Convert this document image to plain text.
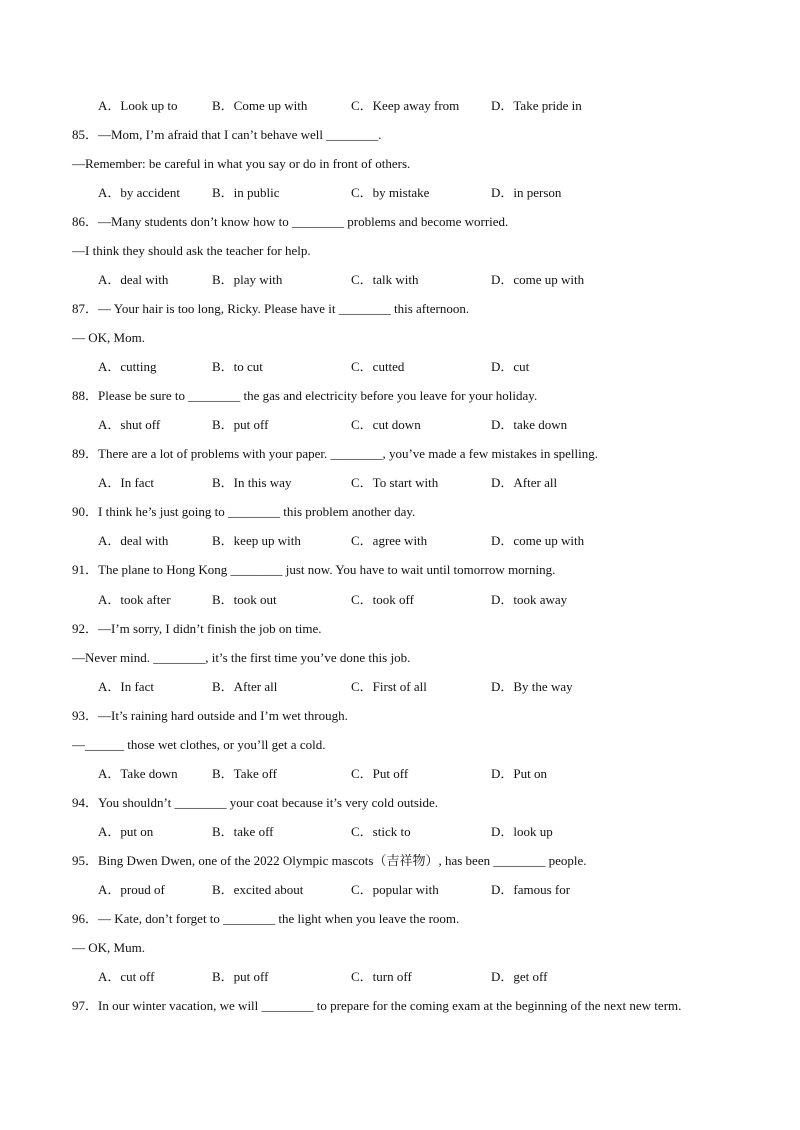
A．Look up to	B．Come up with	C．Keep away from D．Take pride in
85．—Mom, I’m afraid that I can’t behave well ________.
—Remember: be careful in what you say or do in front of others.
A．by accident B．in public	C．by mistake	D．in person
86．—Many students don’t know how to ________ problems and become worried.
—I think they should ask the teacher for help.
A．deal with	B．play with	C．talk with	D．come up with
87．— Your hair is too long, Ricky. Please have it ________ this afternoon.
— OK, Mom.
A．cutting	B．to cut	C．cutted	D．cut
88．Please be sure to ________ the gas and electricity before you leave for your holiday.
A．shut off	B．put off	C．cut down	D．take down
89．There are a lot of problems with your paper. ________, you’ve made a few mistakes in spelling.
A．In fact	B．In this way	C．To start with	D．After all
90．I think he’s just going to ________ this problem another day.
A．deal with	B．keep up with	C．agree with	D．come up with
91．The plane to Hong Kong ________ just now. You have to wait until tomorrow morning.
A．took after	B．took out	C．took off	D．took away
92．—I’m sorry, I didn’t finish the job on time.
—Never mind. ________, it’s the first time you’ve done this job.
A．In fact	B．After all	C．First of all	D．By the way
93．—It’s raining hard outside and I’m wet through.
—______ those wet clothes, or you’ll get a cold.
A．Take down	B．Take off	C．Put off	D．Put on
94．You shouldn’t ________ your coat because it’s very cold outside.
A．put on	B．take off	C．stick to	D．look up
95．Bing Dwen Dwen, one of the 2022 Olympic mascots（吉祥物）, has been ________ people.
A．proud of	B．excited about	C．popular with	D．famous for
96．— Kate, don’t forget to ________ the light when you leave the room.
— OK, Mum.
A．cut off	B．put off	C．turn off	D．get off
97．In our winter vacation, we will ________ to prepare for the coming exam at the beginning of the next new term.
